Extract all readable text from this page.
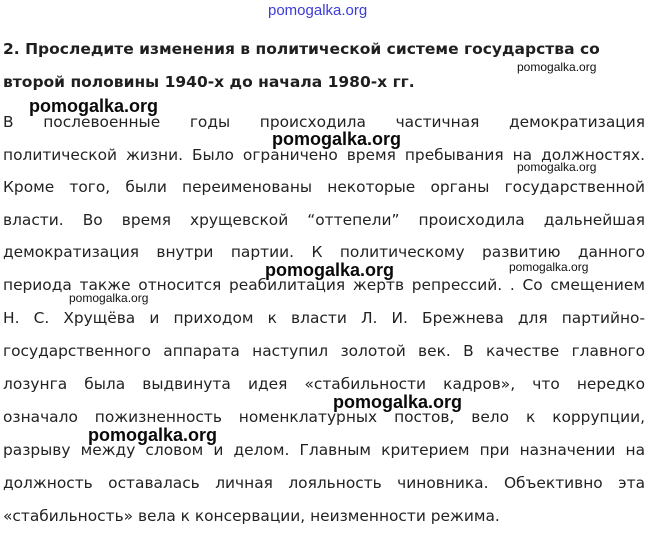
pomogalka.org
2. Проследите изменения в политической системе государства со
второй половины 1940-х до начала 1980-х гг.
В послевоенные годы происходила частичная демократизация
политической жизни. Было ограничено время пребывания на должностях.
Кроме того, были переименованы некоторые органы государственной
власти. Во время хрущевской “оттепели” происходила дальнейшая
демократизация внутри партии. К политическому развитию данного
периода также относится реабилитация жертв репрессий. . Со смещением
Н. С. Хрущёва и приходом к власти Л. И. Брежнева для партийно-
государственного аппарата наступил золотой век. В качестве главного
лозунга была выдвинута идея «стабильности кадров», что нередко
означало пожизненность номенклатурных постов, вело к коррупции,
разрыву между словом и делом. Главным критерием при назначении на
должность оставалась личная лояльность чиновника. Объективно эта
«стабильность» вела к консервации, неизменности режима.
pomogalka.org
pomogalka.org
pomogalka.org
pomogalka.org
pomogalka.org	pomogalka.org
pomogalka.org
pomogalka.org
pomogalka.org
